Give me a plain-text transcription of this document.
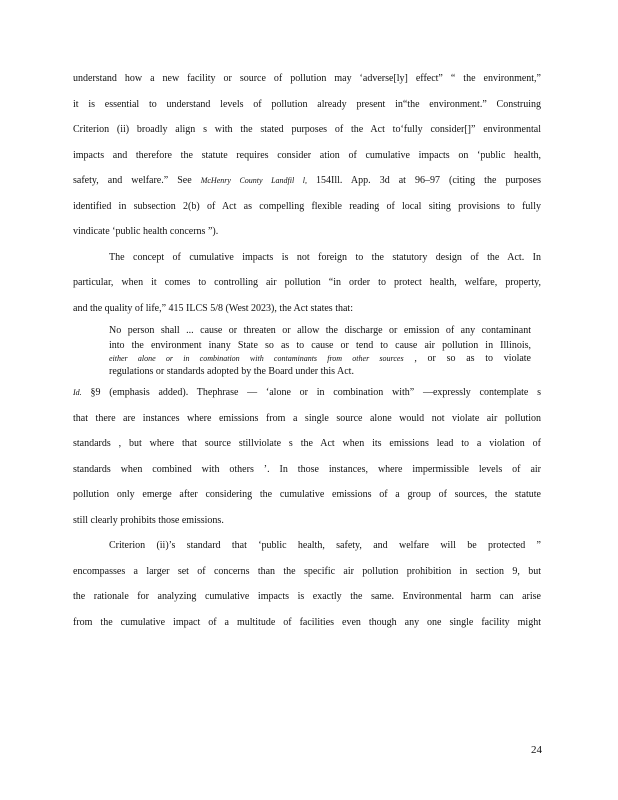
understand how a new facility or source of pollution may ‘adverse[ly] effect” “ the environment,”
it is essential to understand levels of pollution already present in“the environment.” Construing
Criterion (ii) broadly align s with the stated purposes of the Act to‘fully consider[]” environmental
impacts and therefore the statute requires consider ation of cumulative impacts on ‘public health,
safety, and welfare.” See McHenry County Landfil l, 154Ill. App. 3d at 96–97 (citing the purposes
identified in subsection 2(b) of Act as compelling flexible reading of local siting provisions to fully
vindicate ‘public health concerns ”).
The concept of cumulative impacts is not foreign to the statutory design of the Act. In
particular, when it comes to controlling air pollution “in order to protect health, welfare, property,
and the quality of life,” 415 ILCS 5/8 (West 2023), the Act states that:
No person shall ... cause or threaten or allow the discharge or emission of any contaminant
into the environment inany State so as to cause or tend to cause air pollution in Illinois,
either alone or in combination with contaminants from other sources , or so as to violate
regulations or standards adopted by the Board under this Act.
Id. §9 (emphasis added). Thephrase — ‘alone or in combination with” —expressly contemplate s
that there are instances where emissions from a single source alone would not violate air pollution
standards , but where that source stillviolate s the Act when its emissions lead to a violation of
standards when combined with others ’. In those instances, where impermissible levels of air
pollution only emerge after considering the cumulative emissions of a group of sources, the statute
still clearly prohibits those emissions.
Criterion (ii)’s standard that ‘public health, safety, and welfare will be protected ”
encompasses a larger set of concerns than the specific air pollution prohibition in section 9, but
the rationale for analyzing cumulative impacts is exactly the same. Environmental harm can arise
from the cumulative impact of a multitude of facilities even though any one single facility might
24
